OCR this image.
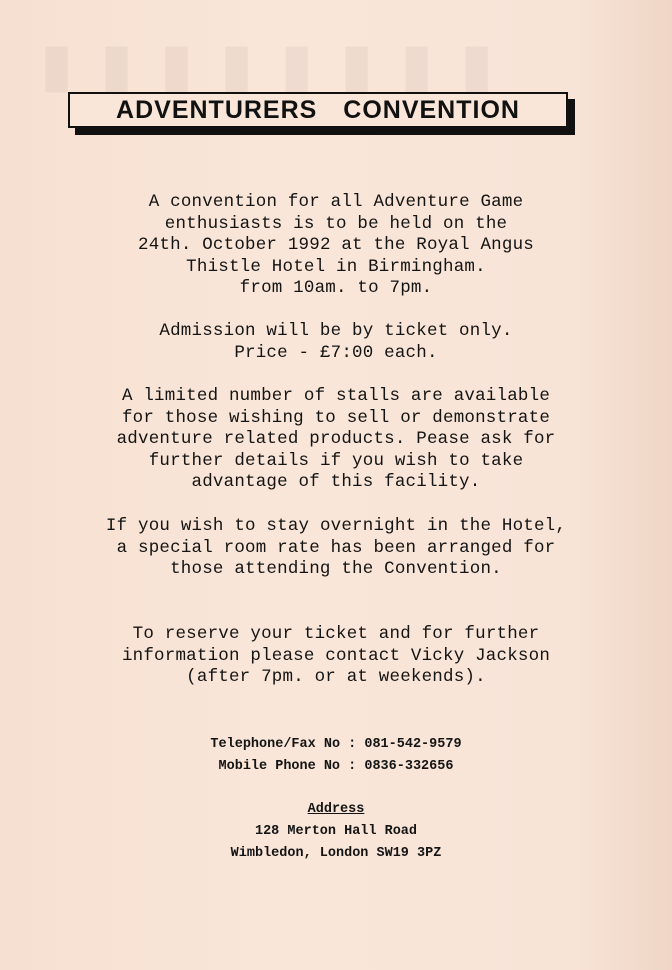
▮ ▮ ▮ ▮ ▮ ▮ ▮ ▮
ADVENTURERS CONVENTION
A convention for all Adventure Game
enthusiasts is to be held on the
24th. October 1992 at the Royal Angus
Thistle Hotel in Birmingham.
from 10am. to 7pm.
Admission will be by ticket only.
Price - £7:00 each.
A limited number of stalls are available
for those wishing to sell or demonstrate
adventure related products. Pease ask for
further details if you wish to take
advantage of this facility.
If you wish to stay overnight in the Hotel,
a special room rate has been arranged for
those attending the Convention.
To reserve your ticket and for further
information please contact Vicky Jackson
(after 7pm. or at weekends).
Telephone/Fax No : 081-542-9579
Mobile Phone No : 0836-332656
Address
128 Merton Hall Road
Wimbledon, London SW19 3PZ
